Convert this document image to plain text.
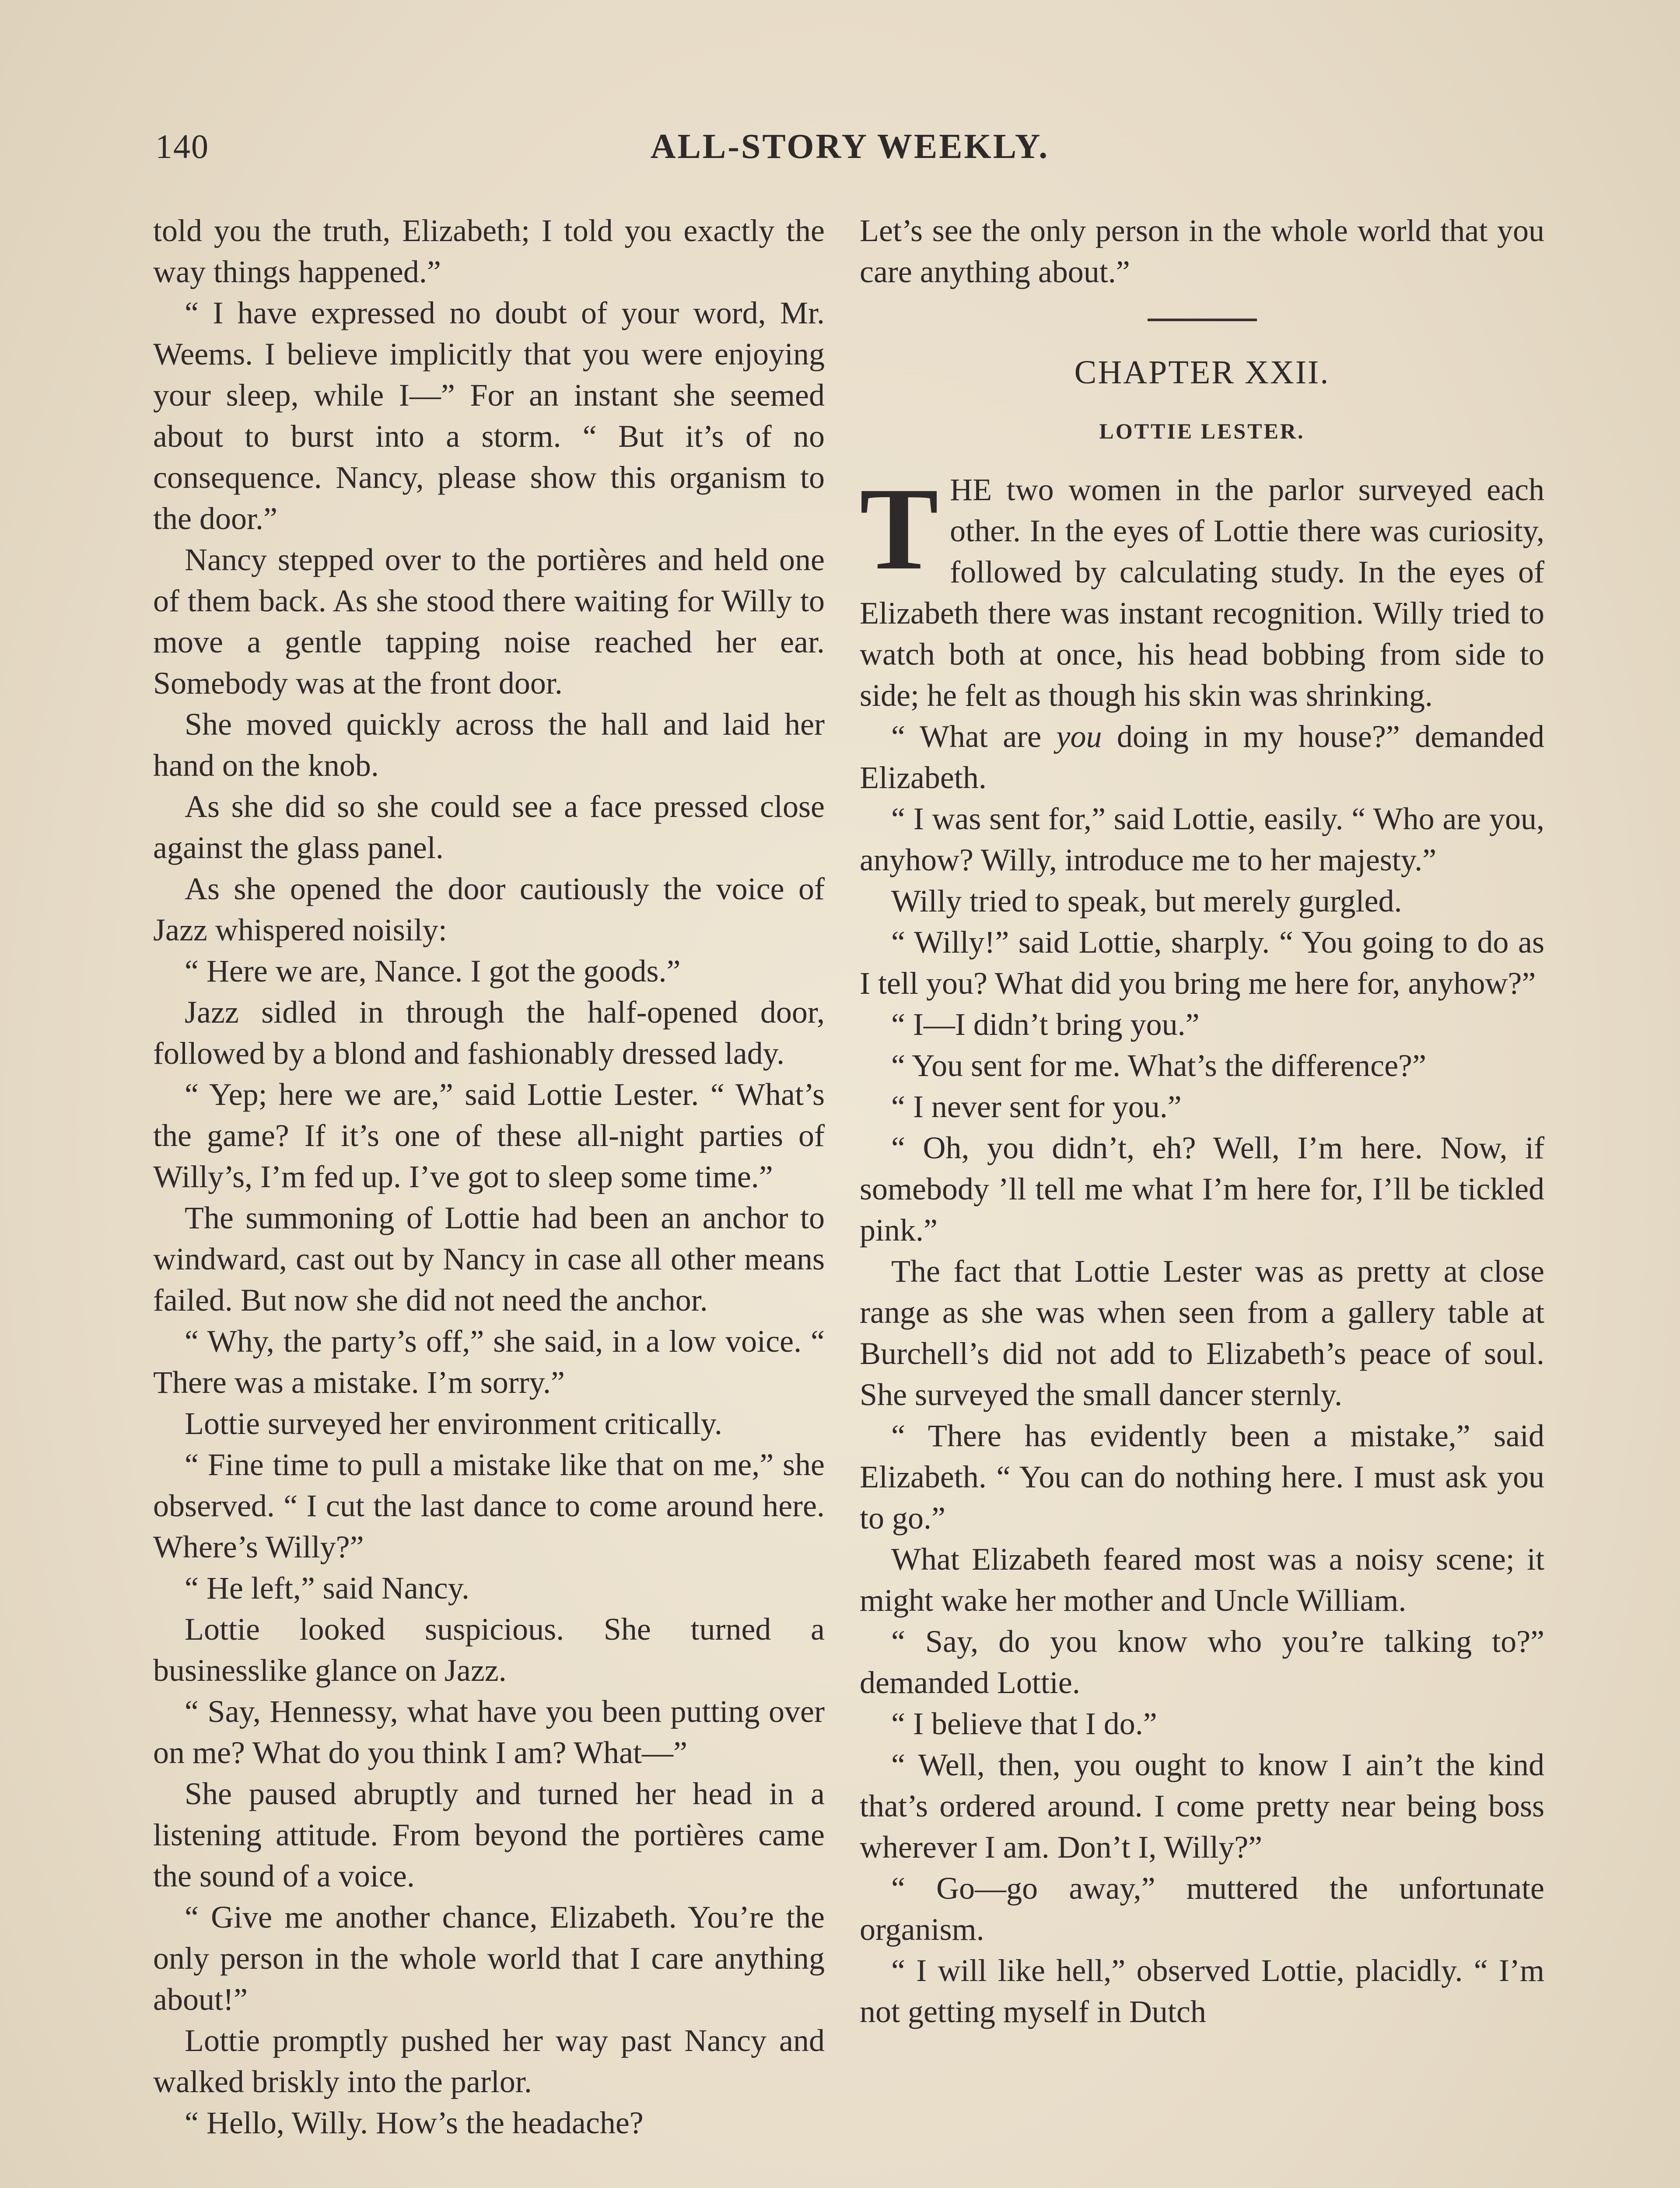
140	ALL-STORY WEEKLY.

told you the truth, Elizabeth; I told you exactly the way things happened.”

“ I have expressed no doubt of your word, Mr. Weems. I believe implicitly that you were enjoying your sleep, while I—” For an instant she seemed about to burst into a storm. “ But it’s of no consequence. Nancy, please show this organism to the door.”

Nancy stepped over to the portières and held one of them back. As she stood there waiting for Willy to move a gentle tapping noise reached her ear. Somebody was at the front door.

She moved quickly across the hall and laid her hand on the knob.

As she did so she could see a face pressed close against the glass panel.

As she opened the door cautiously the voice of Jazz whispered noisily:

“ Here we are, Nance. I got the goods.”

Jazz sidled in through the half-opened door, followed by a blond and fashionably dressed lady.

“ Yep; here we are,” said Lottie Lester. “ What’s the game? If it’s one of these all-night parties of Willy’s, I’m fed up. I’ve got to sleep some time.”

The summoning of Lottie had been an anchor to windward, cast out by Nancy in case all other means failed. But now she did not need the anchor.

“ Why, the party’s off,” she said, in a low voice. “ There was a mistake. I’m sorry.”

Lottie surveyed her environment critically.

“ Fine time to pull a mistake like that on me,” she observed. “ I cut the last dance to come around here. Where’s Willy?”

“ He left,” said Nancy.

Lottie looked suspicious. She turned a businesslike glance on Jazz.

“ Say, Hennessy, what have you been putting over on me? What do you think I am? What—”

She paused abruptly and turned her head in a listening attitude. From beyond the portières came the sound of a voice.

“ Give me another chance, Elizabeth. You’re the only person in the whole world that I care anything about!”

Lottie promptly pushed her way past Nancy and walked briskly into the parlor.

“ Hello, Willy. How’s the headache?

Let’s see the only person in the whole world that you care anything about.”

CHAPTER XXII.
LOTTIE LESTER.

THE two women in the parlor surveyed each other. In the eyes of Lottie there was curiosity, followed by calculating study. In the eyes of Elizabeth there was instant recognition. Willy tried to watch both at once, his head bobbing from side to side; he felt as though his skin was shrinking.

“ What are you doing in my house?” demanded Elizabeth.

“ I was sent for,” said Lottie, easily. “ Who are you, anyhow? Willy, introduce me to her majesty.”

Willy tried to speak, but merely gurgled.

“ Willy!” said Lottie, sharply. “ You going to do as I tell you? What did you bring me here for, anyhow?”

“ I—I didn’t bring you.”

“ You sent for me. What’s the difference?”

“ I never sent for you.”

“ Oh, you didn’t, eh? Well, I’m here. Now, if somebody ’ll tell me what I’m here for, I’ll be tickled pink.”

The fact that Lottie Lester was as pretty at close range as she was when seen from a gallery table at Burchell’s did not add to Elizabeth’s peace of soul. She surveyed the small dancer sternly.

“ There has evidently been a mistake,” said Elizabeth. “ You can do nothing here. I must ask you to go.”

What Elizabeth feared most was a noisy scene; it might wake her mother and Uncle William.

“ Say, do you know who you’re talking to?” demanded Lottie.

“ I believe that I do.”

“ Well, then, you ought to know I ain’t the kind that’s ordered around. I come pretty near being boss wherever I am. Don’t I, Willy?”

“ Go—go away,” muttered the unfortunate organism.

“ I will like hell,” observed Lottie, placidly. “ I’m not getting myself in Dutch
